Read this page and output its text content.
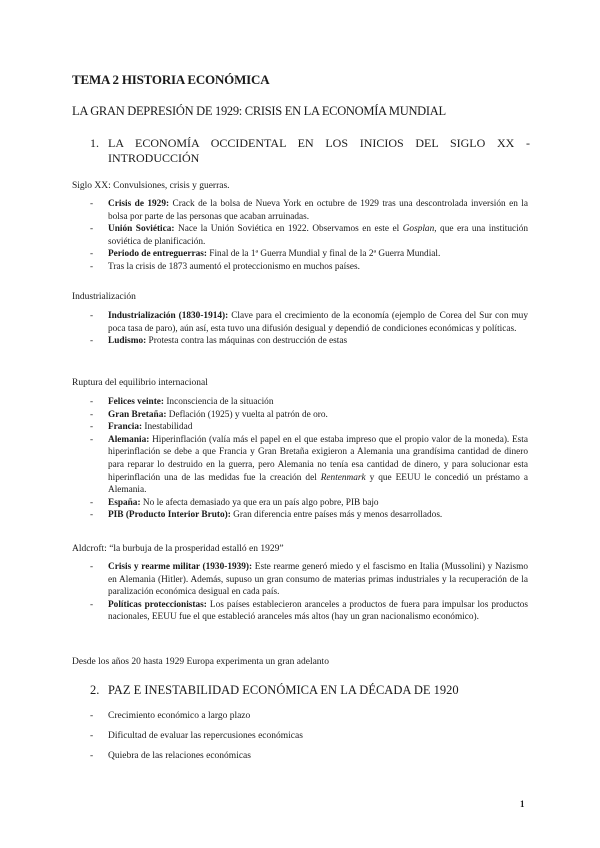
TEMA 2 HISTORIA ECONÓMICA
LA GRAN DEPRESIÓN DE 1929: CRISIS EN LA ECONOMÍA MUNDIAL
1. LA ECONOMÍA OCCIDENTAL EN LOS INICIOS DEL SIGLO XX -
INTRODUCCIÓN
Siglo XX: Convulsiones, crisis y guerras.
- Crisis de 1929: Crack de la bolsa de Nueva York en octubre de 1929 tras una descontrolada inversión en la bolsa por parte de las personas que acaban arruinadas.
- Unión Soviética: Nace la Unión Soviética en 1922. Observamos en este el Gosplan, que era una institución soviética de planificación.
- Periodo de entreguerras: Final de la 1ª Guerra Mundial y final de la 2ª Guerra Mundial.
- Tras la crisis de 1873 aumentó el proteccionismo en muchos países.
Industrialización
- Industrialización (1830-1914): Clave para el crecimiento de la economía (ejemplo de Corea del Sur con muy poca tasa de paro), aún así, esta tuvo una difusión desigual y dependió de condiciones económicas y políticas.
- Ludismo: Protesta contra las máquinas con destrucción de estas
Ruptura del equilibrio internacional
- Felices veinte: Inconsciencia de la situación
- Gran Bretaña: Deflación (1925) y vuelta al patrón de oro.
- Francia: Inestabilidad
- Alemania: Hiperinflación (valía más el papel en el que estaba impreso que el propio valor de la moneda). Esta hiperinflación se debe a que Francia y Gran Bretaña exigieron a Alemania una grandísima cantidad de dinero para reparar lo destruido en la guerra, pero Alemania no tenía esa cantidad de dinero, y para solucionar esta hiperinflación una de las medidas fue la creación del Rentenmark y que EEUU le concedió un préstamo a Alemania.
- España: No le afecta demasiado ya que era un país algo pobre, PIB bajo
- PIB (Producto Interior Bruto): Gran diferencia entre países más y menos desarrollados.
Aldcroft: “la burbuja de la prosperidad estalló en 1929”
- Crisis y rearme militar (1930-1939): Este rearme generó miedo y el fascismo en Italia (Mussolini) y Nazismo en Alemania (Hitler). Además, supuso un gran consumo de materias primas industriales y la recuperación de la paralización económica desigual en cada país.
- Políticas proteccionistas: Los países establecieron aranceles a productos de fuera para impulsar los productos nacionales, EEUU fue el que estableció aranceles más altos (hay un gran nacionalismo económico).
Desde los años 20 hasta 1929 Europa experimenta un gran adelanto
2. PAZ E INESTABILIDAD ECONÓMICA EN LA DÉCADA DE 1920
- Crecimiento económico a largo plazo
- Dificultad de evaluar las repercusiones económicas
- Quiebra de las relaciones económicas
1
